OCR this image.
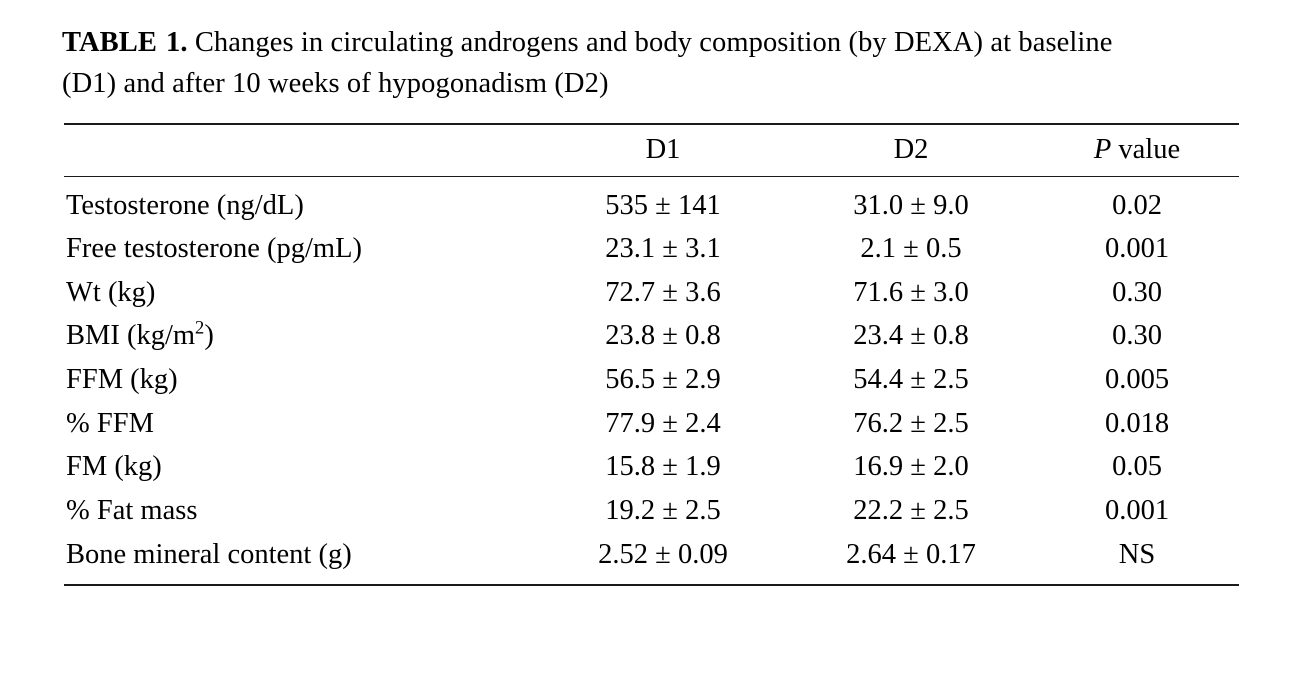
TABLE 1. Changes in circulating androgens and body composition (by DEXA) at baseline (D1) and after 10 weeks of hypogonadism (D2)

	D1	D2	P value

Testosterone (ng/dL)	535 ± 141	31.0 ± 9.0	0.02
Free testosterone (pg/mL)	23.1 ± 3.1	2.1 ± 0.5	0.001
Wt (kg)	72.7 ± 3.6	71.6 ± 3.0	0.30
BMI $(kg/m^2)$	23.8 ± 0.8	23.4 ± 0.8	0.30
FFM (kg)	56.5 ± 2.9	54.4 ± 2.5	0.005
% FFM	77.9 ± 2.4	76.2 ± 2.5	0.018
FM (kg)	15.8 ± 1.9	16.9 ± 2.0	0.05
% Fat mass	19.2 ± 2.5	22.2 ± 2.5	0.001
Bone mineral content (g)	2.52 ± 0.09	2.64 ± 0.17	NS
